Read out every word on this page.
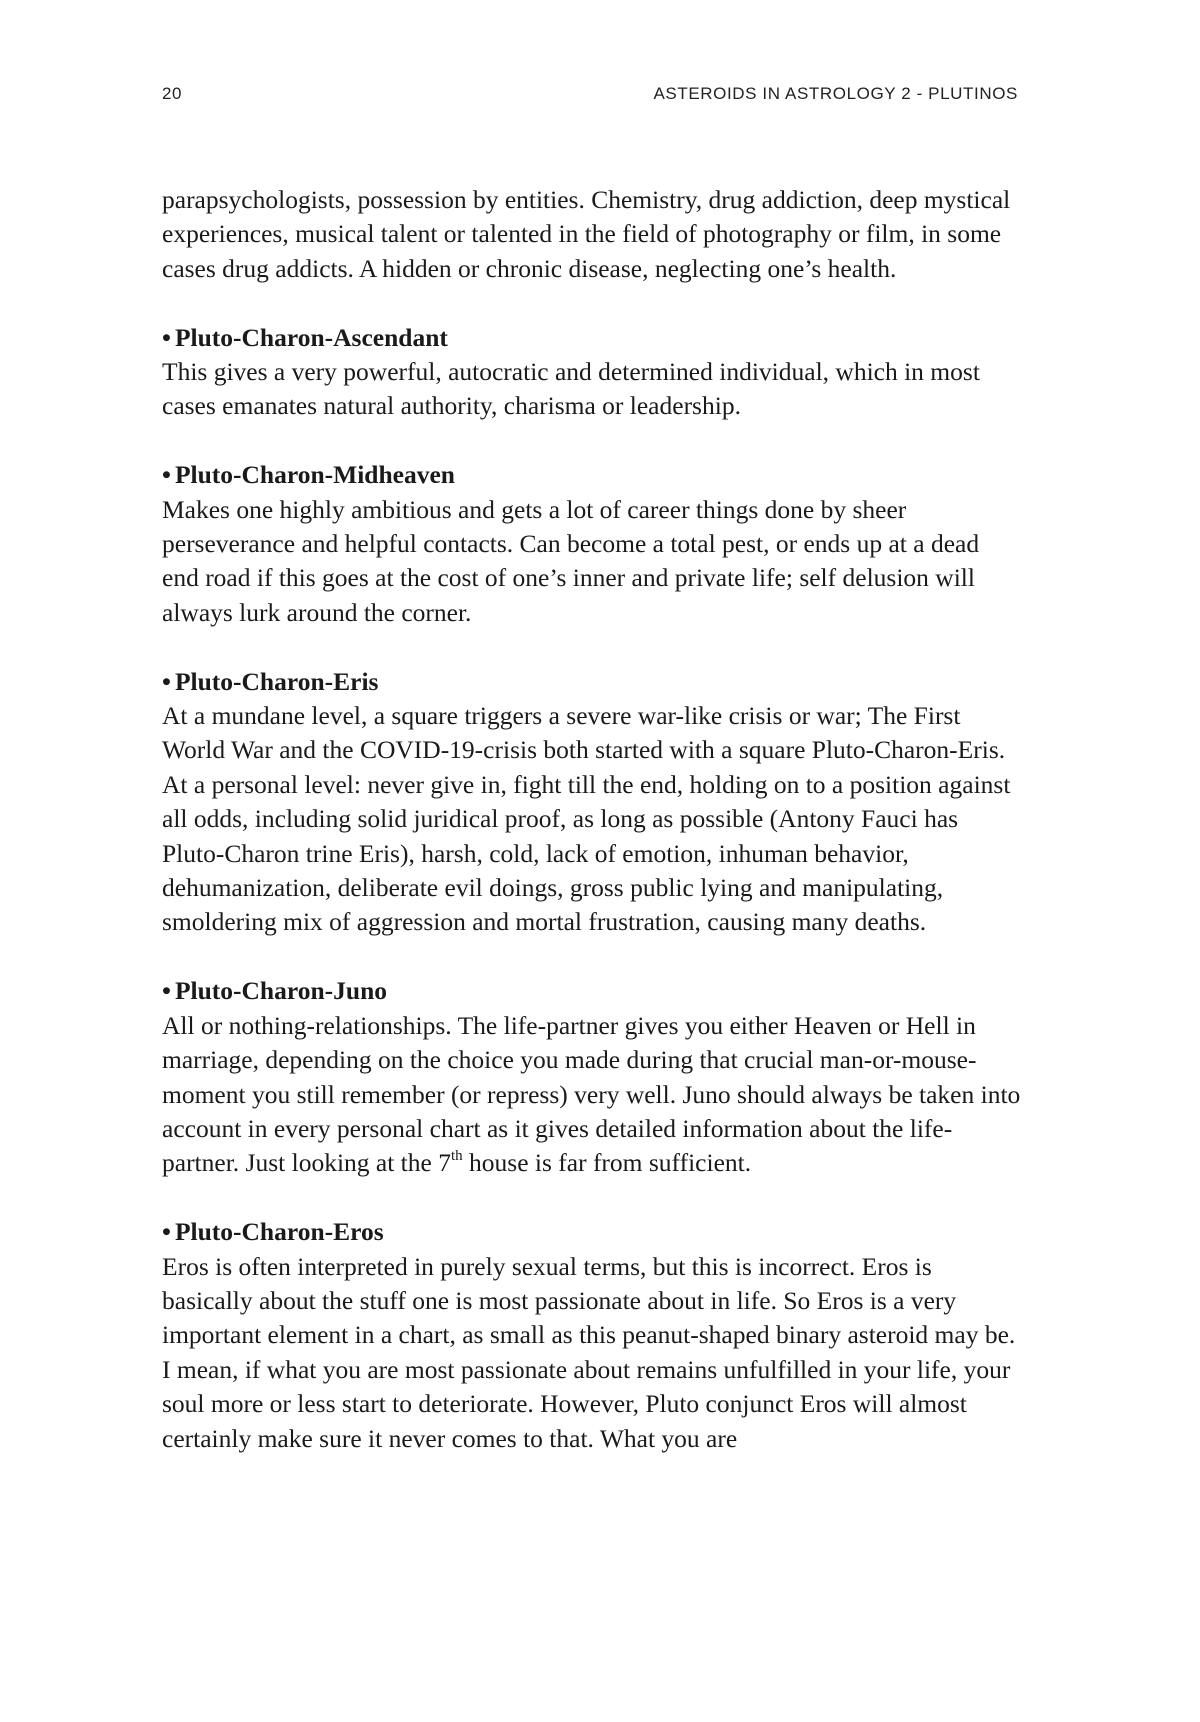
20	ASTEROIDS IN ASTROLOGY 2 - PLUTINOS

parapsychologists, possession by entities. Chemistry, drug addiction, deep mystical experiences, musical talent or talented in the field of photography or film, in some cases drug addicts. A hidden or chronic disease, neglecting one’s health.

• Pluto-Charon-Ascendant

This gives a very powerful, autocratic and determined individual, which in most cases emanates natural authority, charisma or leadership.

• Pluto-Charon-Midheaven

Makes one highly ambitious and gets a lot of career things done by sheer perseverance and helpful contacts. Can become a total pest, or ends up at a dead end road if this goes at the cost of one’s inner and private life; self delusion will always lurk around the corner.

• Pluto-Charon-Eris

At a mundane level, a square triggers a severe war-like crisis or war; The First World War and the COVID-19-crisis both started with a square Pluto-Charon-Eris.

At a personal level: never give in, fight till the end, holding on to a position against all odds, including solid juridical proof, as long as possible (Antony Fauci has Pluto-Charon trine Eris), harsh, cold, lack of emotion, inhuman behavior, dehumanization, deliberate evil doings, gross public lying and manipulating, smoldering mix of aggression and mortal frustration, causing many deaths.

• Pluto-Charon-Juno

All or nothing-relationships. The life-partner gives you either Heaven or Hell in marriage, depending on the choice you made during that crucial man-or-mouse-moment you still remember (or repress) very well. Juno should always be taken into account in every personal chart as it gives detailed information about the life-partner. Just looking at the 7th house is far from sufficient.

• Pluto-Charon-Eros

Eros is often interpreted in purely sexual terms, but this is incorrect. Eros is basically about the stuff one is most passionate about in life. So Eros is a very important element in a chart, as small as this peanut-shaped binary asteroid may be. I mean, if what you are most passionate about remains unfulfilled in your life, your soul more or less start to deteriorate. However, Pluto conjunct Eros will almost certainly make sure it never comes to that. What you are
